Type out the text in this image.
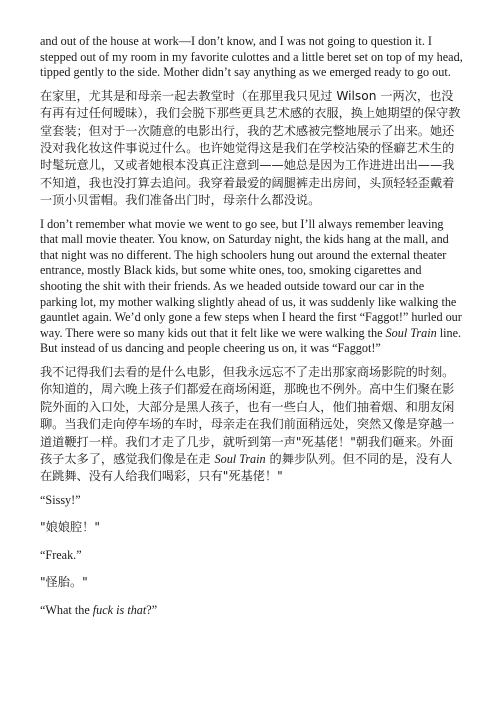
and out of the house at work—I don’t know, and I was not going to question it. I stepped out of my room in my favorite culottes and a little beret set on top of my head, tipped gently to the side. Mother didn’t say anything as we emerged ready to go out.

在家里，尤其是和母亲一起去教堂时（在那里我只见过 Wilson 一两次，也没有再有过任何暧昧），我们会脱下那些更具艺术感的衣服，换上她期望的保守教堂套装；但对于一次随意的电影出行，我的艺术感被完整地展示了出来。她还没对我化妆这件事说过什么。也许她觉得这是我们在学校沾染的怪癖艺术生的时髦玩意儿，又或者她根本没真正注意到——她总是因为工作进进出出——我不知道，我也没打算去追问。我穿着最爱的阔腿裤走出房间，头顶轻轻歪戴着一顶小贝雷帽。我们准备出门时，母亲什么都没说。

I don’t remember what movie we went to go see, but I’ll always remember leaving that mall movie theater. You know, on Saturday night, the kids hang at the mall, and that night was no different. The high schoolers hung out around the external theater entrance, mostly Black kids, but some white ones, too, smoking cigarettes and shooting the shit with their friends. As we headed outside toward our car in the parking lot, my mother walking slightly ahead of us, it was suddenly like walking the gauntlet again. We’d only gone a few steps when I heard the first “Faggot!” hurled our way. There were so many kids out that it felt like we were walking the Soul Train line. But instead of us dancing and people cheering us on, it was “Faggot!”

我不记得我们去看的是什么电影，但我永远忘不了走出那家商场影院的时刻。你知道的，周六晚上孩子们都爱在商场闲逛，那晚也不例外。高中生们聚在影院外面的入口处，大部分是黑人孩子，也有一些白人，他们抽着烟、和朋友闲聊。当我们走向停车场的车时，母亲走在我们前面稍远处，突然又像是穿越一道道鞭打一样。我们才走了几步，就听到第一声"死基佬！"朝我们砸来。外面孩子太多了，感觉我们像是在走 Soul Train 的舞步队列。但不同的是，没有人在跳舞、没有人给我们喝彩，只有"死基佬！"

“Sissy!”

"娘娘腔！"

“Freak.”

"怪胎。"

“What the fuck is that?”
